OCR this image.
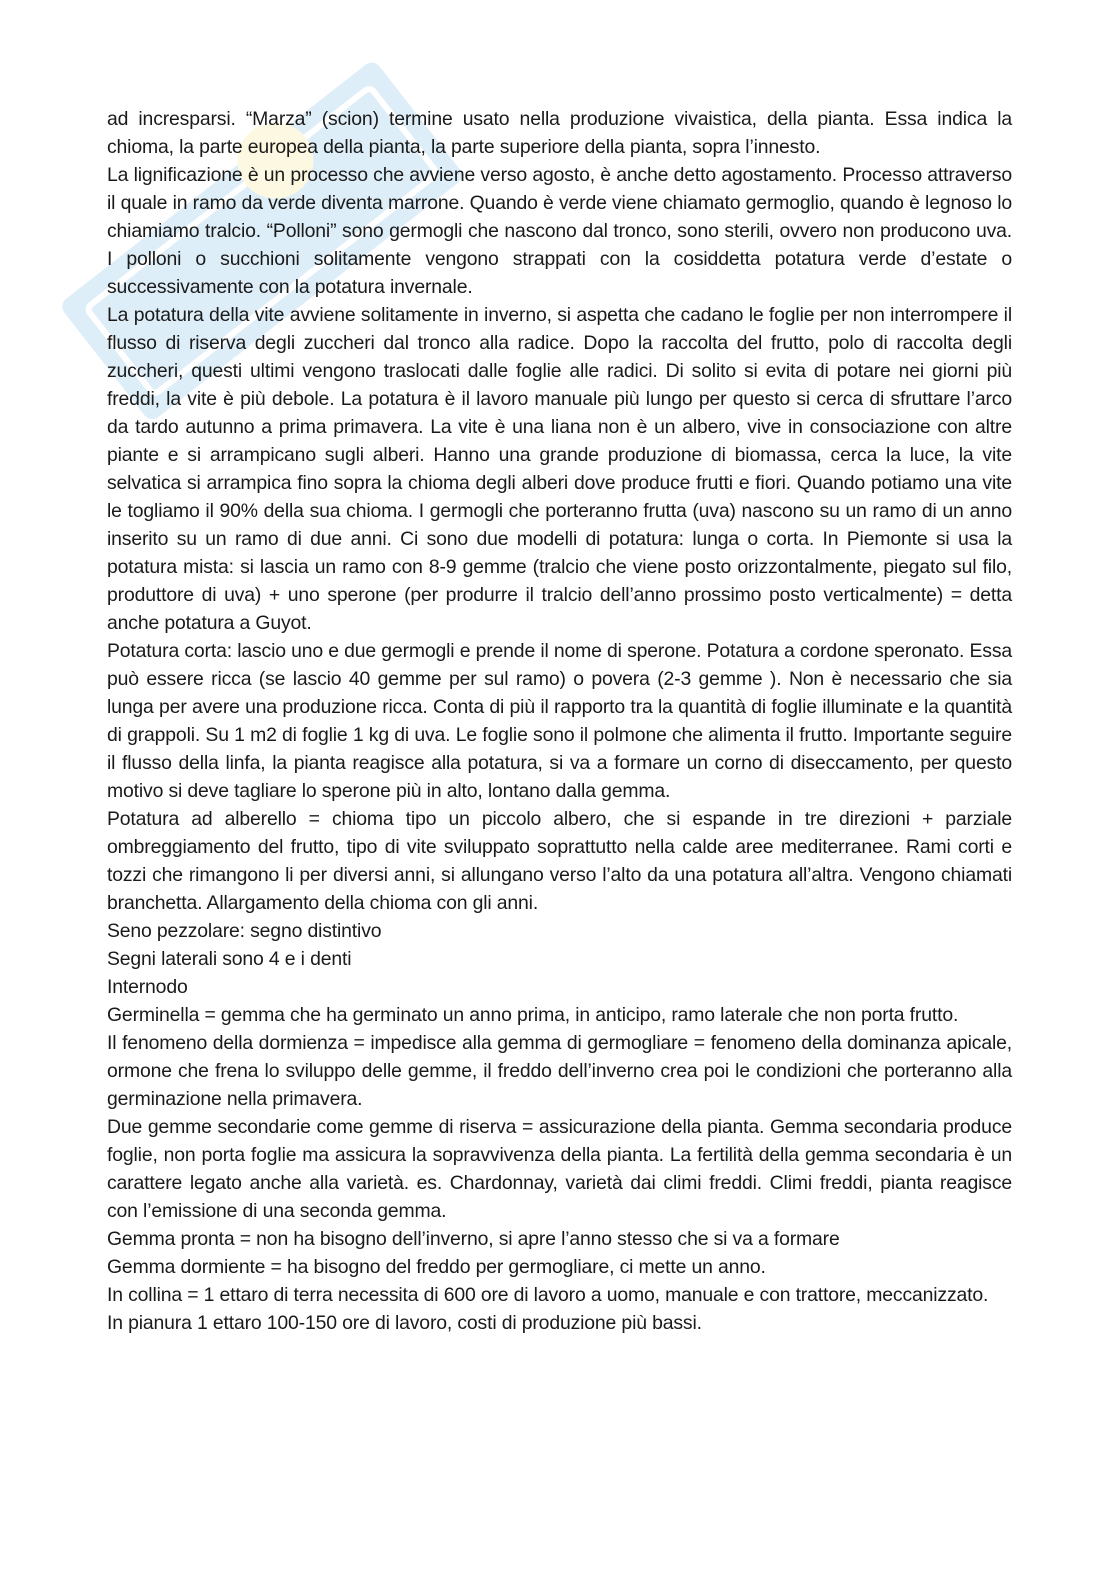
ad incresparsi. “Marza” (scion) termine usato nella produzione vivaistica, della pianta. Essa indica la chioma, la parte europea della pianta, la parte superiore della pianta, sopra l’innesto.

La lignificazione è un processo che avviene verso agosto, è anche detto agostamento. Processo attraverso il quale in ramo da verde diventa marrone. Quando è verde viene chiamato germoglio, quando è legnoso lo chiamiamo tralcio. “Polloni” sono germogli che nascono dal tronco, sono sterili, ovvero non producono uva. I polloni o succhioni solitamente vengono strappati con la cosiddetta potatura verde d’estate o successivamente con la potatura invernale.

La potatura della vite avviene solitamente in inverno, si aspetta che cadano le foglie per non interrompere il flusso di riserva degli zuccheri dal tronco alla radice. Dopo la raccolta del frutto, polo di raccolta degli zuccheri, questi ultimi vengono traslocati dalle foglie alle radici. Di solito si evita di potare nei giorni più freddi, la vite è più debole. La potatura è il lavoro manuale più lungo per questo si cerca di sfruttare l’arco da tardo autunno a prima primavera. La vite è una liana non è un albero, vive in consociazione con altre piante e si arrampicano sugli alberi. Hanno una grande produzione di biomassa, cerca la luce, la vite selvatica si arrampica fino sopra la chioma degli alberi dove produce frutti e fiori. Quando potiamo una vite le togliamo il 90% della sua chioma. I germogli che porteranno frutta (uva) nascono su un ramo di un anno inserito su un ramo di due anni. Ci sono due modelli di potatura: lunga o corta. In Piemonte si usa la potatura mista: si lascia un ramo con 8-9 gemme (tralcio che viene posto orizzontalmente, piegato sul filo, produttore di uva) + uno sperone (per produrre il tralcio dell’anno prossimo posto verticalmente) = detta anche potatura a Guyot.

Potatura corta: lascio uno e due germogli e prende il nome di sperone. Potatura a cordone speronato. Essa può essere ricca (se lascio 40 gemme per sul ramo) o povera (2-3 gemme ). Non è necessario che sia lunga per avere una produzione ricca. Conta di più il rapporto tra la quantità di foglie illuminate e la quantità di grappoli. Su 1 m2 di foglie 1 kg di uva. Le foglie sono il polmone che alimenta il frutto. Importante seguire il flusso della linfa, la pianta reagisce alla potatura, si va a formare un corno di diseccamento, per questo motivo si deve tagliare lo sperone più in alto, lontano dalla gemma.

Potatura ad alberello = chioma tipo un piccolo albero, che si espande in tre direzioni + parziale ombreggiamento del frutto, tipo di vite sviluppato soprattutto nella calde aree mediterranee. Rami corti e tozzi che rimangono li per diversi anni, si allungano verso l’alto da una potatura all’altra. Vengono chiamati branchetta. Allargamento della chioma con gli anni.

Seno pezzolare: segno distintivo

Segni laterali sono 4 e i denti

Internodo

Germinella = gemma che ha germinato un anno prima, in anticipo, ramo laterale che non porta frutto.

Il fenomeno della dormienza = impedisce alla gemma di germogliare = fenomeno della dominanza apicale, ormone che frena lo sviluppo delle gemme, il freddo dell’inverno crea poi le condizioni che porteranno alla germinazione nella primavera.

Due gemme secondarie come gemme di riserva = assicurazione della pianta. Gemma secondaria produce foglie, non porta foglie ma assicura la sopravvivenza della pianta. La fertilità della gemma secondaria è un carattere legato anche alla varietà. es. Chardonnay, varietà dai climi freddi. Climi freddi, pianta reagisce con l’emissione di una seconda gemma.

Gemma pronta = non ha bisogno dell’inverno, si apre l’anno stesso che si va a formare

Gemma dormiente = ha bisogno del freddo per germogliare, ci mette un anno.

In collina = 1 ettaro di terra necessita di 600 ore di lavoro a uomo, manuale e con trattore, meccanizzato.

In pianura 1 ettaro 100-150 ore di lavoro, costi di produzione più bassi.
